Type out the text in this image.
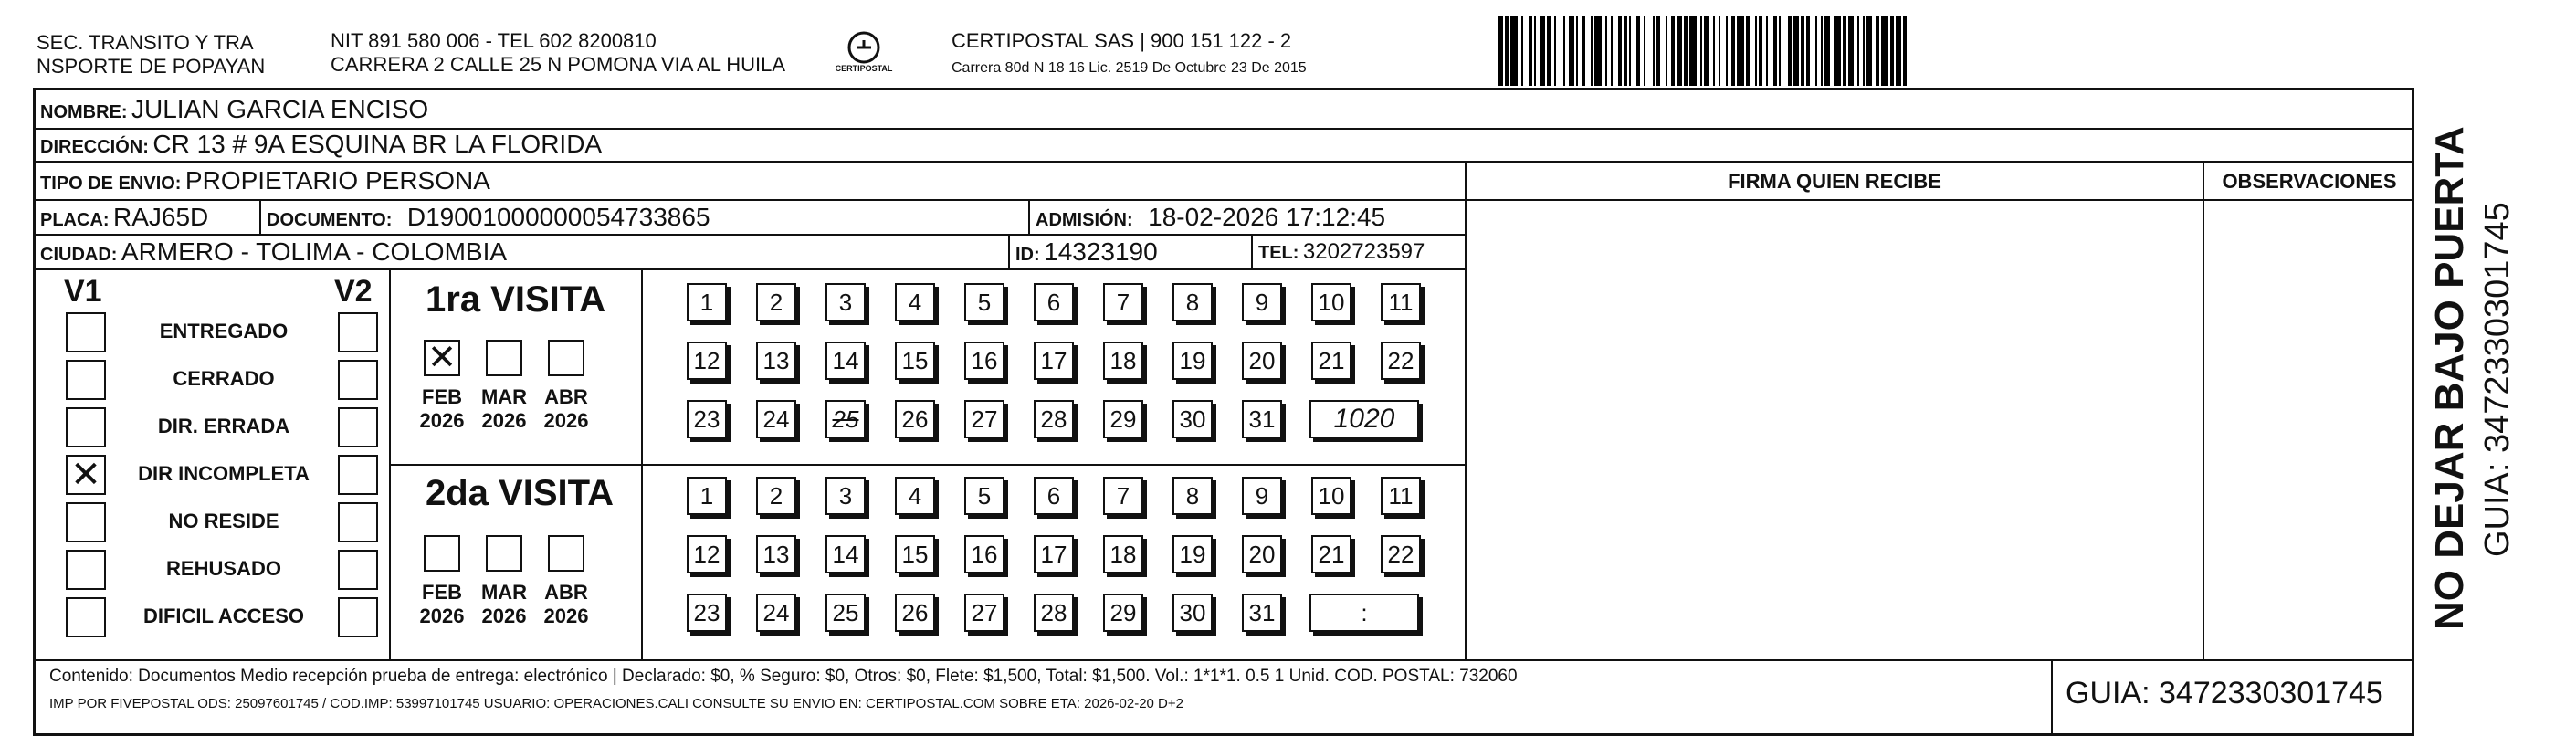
SEC. TRANSITO Y TRA
NSPORTE DE POPAYAN
NIT 891 580 006 - TEL 602 8200810
CARRERA 2 CALLE 25 N POMONA VIA AL HUILA	CERTIPOSTAL
CERTIPOSTAL SAS | 900 151 122 - 2
Carrera 80d N 18 16 Lic. 2519 De Octubre 23 De 2015
NOMBRE: JULIAN GARCIA ENCISO
DIRECCIÓN: CR 13 # 9A ESQUINA BR LA FLORIDA
TIPO DE ENVIO: PROPIETARIO PERSONA	FIRMA QUIEN RECIBE	OBSERVACIONES
PLACA: RAJ65D	DOCUMENTO: D19001000000054733865	ADMISIÓN: 18-02-2026 17:12:45
CIUDAD: ARMERO - TOLIMA - COLOMBIA	ID: 14323190	TEL: 3202723597
V1	V2
ENTREGADO
CERRADO
DIR. ERRADA
✕	DIR INCOMPLETA
NO RESIDE
REHUSADO
DIFICIL ACCESO
1ra VISITA
2da VISITA
✕
FEB
2026
MAR
2026
ABR
2026
FEB
2026
MAR
2026
ABR
2026
1	2	3	4	5	6	7	8	9	10	11
12 13 14 15 16 17 18 19 20 21 22
23 24 25 26 27 28 29 30 31	1020
1	2	3	4	5	6	7	8	9	10	11
12 13 14 15 16 17 18 19 20 21 22
23 24 25 26 27 28 29 30 31	:	NO DEJAR BAJO PUERTA GUIA: 3472330301745
Contenido: Documentos Medio recepción prueba de entrega: electrónico | Declarado: $0, % Seguro: $0, Otros: $0, Flete: $1,500, Total: $1,500. Vol.: 1*1*1. 0.5 1 Unid. COD. POSTAL: 732060
IMP POR FIVEPOSTAL ODS: 25097601745 / COD.IMP: 53997101745 USUARIO: OPERACIONES.CALI CONSULTE SU ENVIO EN: CERTIPOSTAL.COM SOBRE ETA: 2026-02-20 D+2	GUIA: 3472330301745
